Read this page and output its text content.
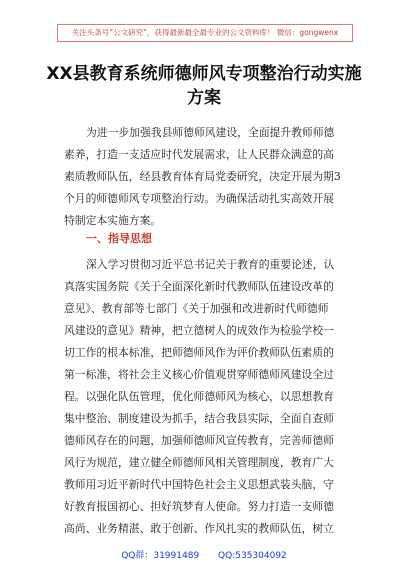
关注头条号“公文研究”，获得最新最全最专业的公文资料库！ 微信：gongwenx
XX县教育系统师德师风专项整治行动实施
方案
为进一步加强我县师德师风建设，全面提升教师师德
素养，打造一支适应时代发展需求，让人民群众满意的高
素质教师队伍，经县教育体育局党委研究，决定开展为期3
个月的师德师风专项整治行动。为确保活动扎实高效开展
特制定本实施方案。
一、指导思想
深入学习贯彻习近平总书记关于教育的重要论述，认
真落实国务院《关于全面深化新时代教师队伍建设改革的
意见》、教育部等七部门《关于加强和改进新时代师德师
风建设的意见》精神，把立德树人的成效作为检验学校一
切工作的根本标准，把师德师风作为评价教师队伍素质的
第一标准，将社会主义核心价值观贯穿师德师风建设全过
程。以强化队伍管理，优化师德师风为核心，以思想教育
集中整治、制度建设为抓手，结合我县实际，全面自查师
德师风存在的问题，加强师德师风宣传教育，完善师德师
风行为规范，建立健全师德师风相关管理制度，教育广大
教师用习近平新时代中国特色社会主义思想武装头脑，守
好教育报国初心、担好筑梦育人使命。努力打造一支师德
高尚、业务精湛、敢于创新、作风扎实的教师队伍，树立
QQ群：31991489 QQ:535304092
